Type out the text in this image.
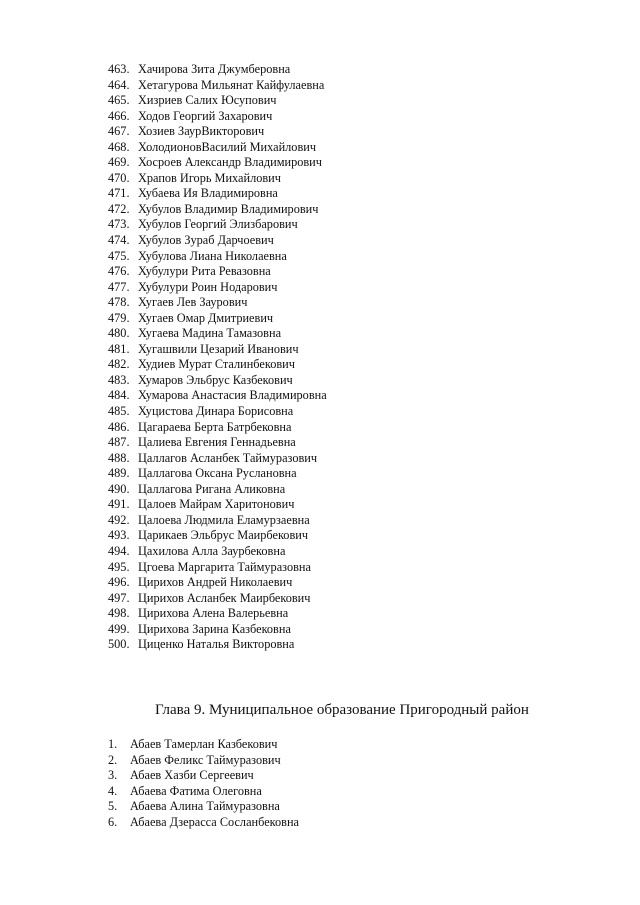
463. Хачирова Зита Джумберовна
464. Хетагурова Мильянат Кайфулаевна
465. Хизриев Салих Юсупович
466. Ходов Георгий Захарович
467. Хозиев ЗаурВикторович
468. ХолодионовВасилий Михайлович
469. Хосроев Александр Владимирович
470. Храпов Игорь Михайлович
471. Хубаева Ия Владимировна
472. Хубулов Владимир Владимирович
473. Хубулов Георгий Элизбарович
474. Хубулов Зураб Дарчоевич
475. Хубулова Лиана Николаевна
476. Хубулури Рита Ревазовна
477. Хубулури Роин Нодарович
478. Хугаев Лев Заурович
479. Хугаев Омар Дмитриевич
480. Хугаева Мадина Тамазовна
481. Хугашвили Цезарий Иванович
482. Худиев Мурат Сталинбекович
483. Хумаров Эльбрус Казбекович
484. Хумарова Анастасия Владимировна
485. Хуцистова Динара Борисовна
486. Цагараева Берта Батрбековна
487. Цалиева Евгения Геннадьевна
488. Цаллагов Асланбек Таймуразович
489. Цаллагова Оксана Руслановна
490. Цаллагова Ригана Аликовна
491. Цалоев Майрам Харитонович
492. Цалоева Людмила Еламурзаевна
493. Царикаев Эльбрус Маирбекович
494. Цахилова Алла Заурбековна
495. Цгоева Маргарита Таймуразовна
496. Цирихов Андрей Николаевич
497. Цирихов Асланбек Маирбекович
498. Цирихова Алена Валерьевна
499. Цирихова Зарина Казбековна
500. Циценко Наталья Викторовна
Глава 9. Муниципальное образование Пригородный район
1. Абаев Тамерлан Казбекович
2. Абаев Феликс Таймуразович
3. Абаев Хазби Сергеевич
4. Абаева Фатима Олеговна
5. Абаева Алина Таймуразовна
6. Абаева Дзерасса Сосланбековна
